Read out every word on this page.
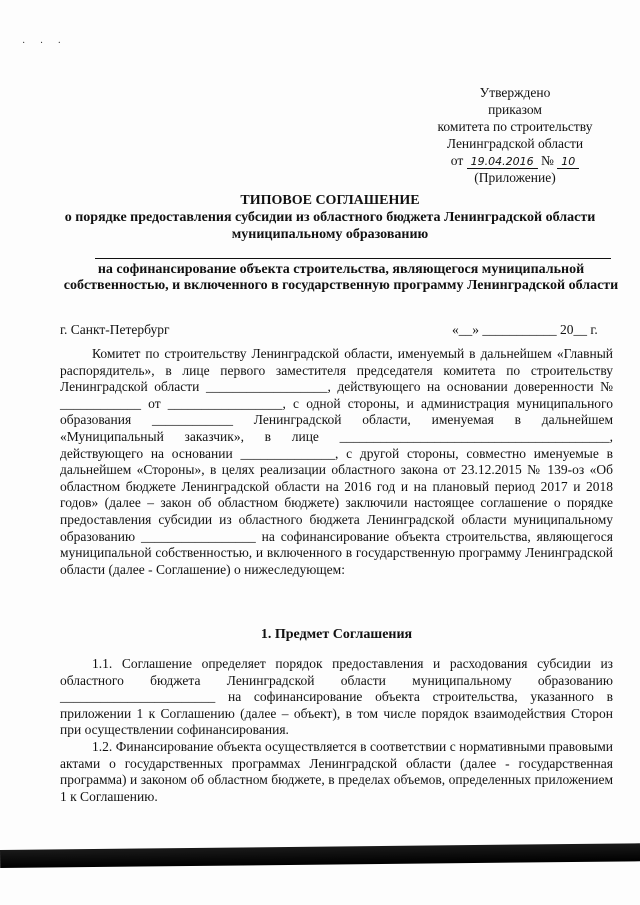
· · ·
Утверждено
приказом
комитета по строительству
Ленинградской области
от 19.04.2016 № 10
(Приложение)
ТИПОВОЕ СОГЛАШЕНИЕ
о порядке предоставления субсидии из областного бюджета Ленинградской области муниципальному образованию
на софинансирование объекта строительства, являющегося муниципальной собственностью, и включенного в государственную программу Ленинградской области
г. Санкт-Петербург	«__» ___________ 20__ г.
Комитет по строительству Ленинградской области, именуемый в дальнейшем «Главный распорядитель», в лице первого заместителя председателя комитета по строительству Ленинградской области __________________, действующего на основании доверенности № ____________ от _________________, с одной стороны, и администрация муниципального образования ____________ Ленинградской области, именуемая в дальнейшем «Муниципальный заказчик», в лице ________________________________________, действующего на основании ______________, с другой стороны, совместно именуемые в дальнейшем «Стороны», в целях реализации областного закона от 23.12.2015 № 139-оз «Об областном бюджете Ленинградской области на 2016 год и на плановый период 2017 и 2018 годов» (далее – закон об областном бюджете) заключили настоящее соглашение о порядке предоставления субсидии из областного бюджета Ленинградской области муниципальному образованию _________________ на софинансирование объекта строительства, являющегося муниципальной собственностью, и включенного в государственную программу Ленинградской области (далее - Соглашение) о нижеследующем:
1. Предмет Соглашения
1.1. Соглашение определяет порядок предоставления и расходования субсидии из областного бюджета Ленинградской области муниципальному образованию _______________________ на софинансирование объекта строительства, указанного в приложении 1 к Соглашению (далее – объект), в том числе порядок взаимодействия Сторон при осуществлении софинансирования.
1.2. Финансирование объекта осуществляется в соответствии с нормативными правовыми актами о государственных программах Ленинградской области (далее - государственная программа) и законом об областном бюджете, в пределах объемов, определенных приложением 1 к Соглашению.
